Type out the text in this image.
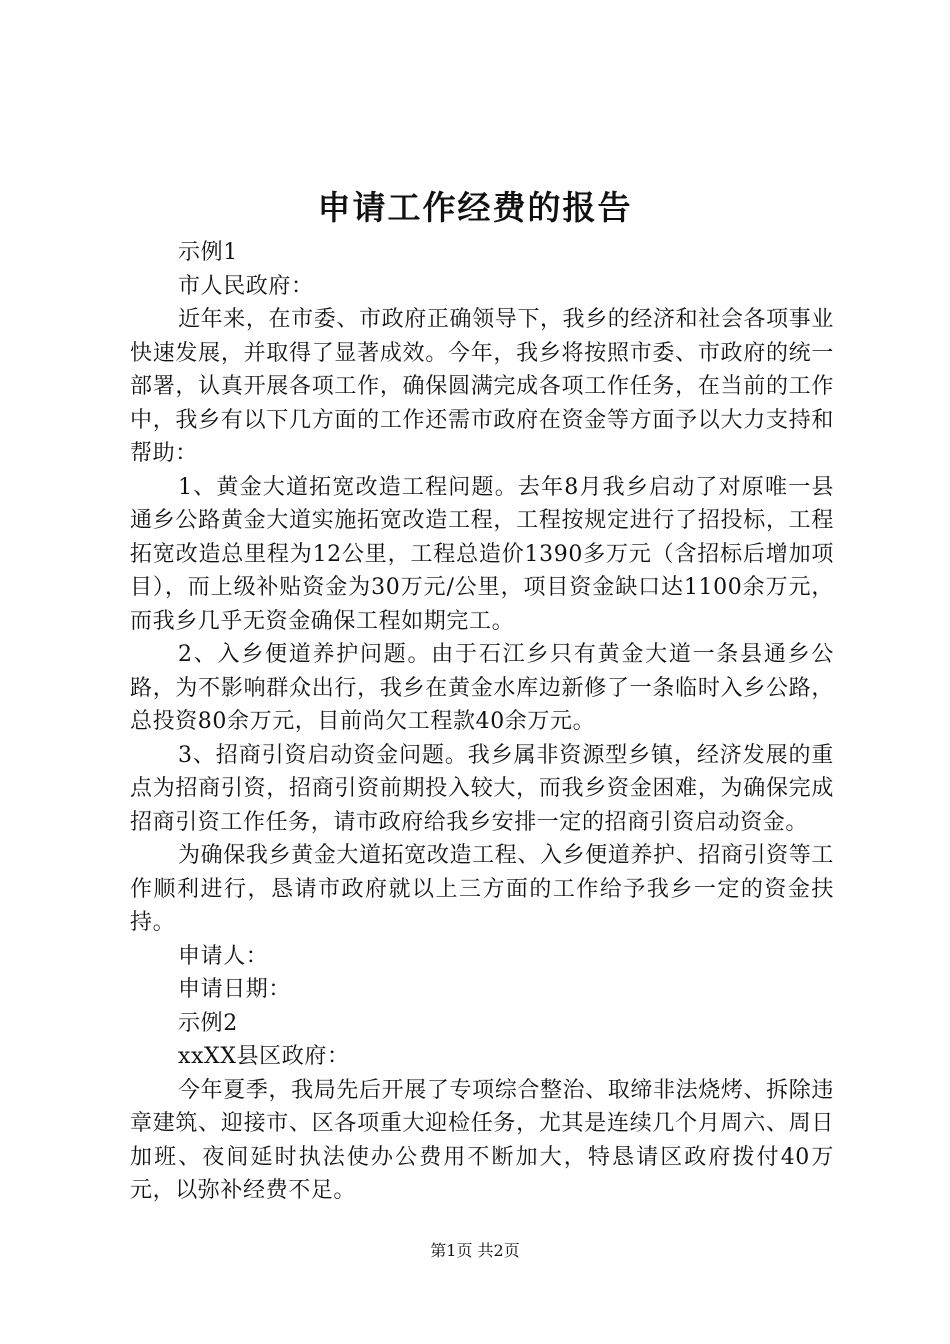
申请工作经费的报告

示例1

市人民政府：

近年来，在市委、市政府正确领导下，我乡的经济和社会各项事业快速发展，并取得了显著成效。今年，我乡将按照市委、市政府的统一部署，认真开展各项工作，确保圆满完成各项工作任务，在当前的工作中，我乡有以下几方面的工作还需市政府在资金等方面予以大力支持和帮助：

1、黄金大道拓宽改造工程问题。去年8月我乡启动了对原唯一县通乡公路黄金大道实施拓宽改造工程，工程按规定进行了招投标，工程拓宽改造总里程为12公里，工程总造价1390多万元（含招标后增加项目），而上级补贴资金为30万元/公里，项目资金缺口达1100余万元，而我乡几乎无资金确保工程如期完工。

2、入乡便道养护问题。由于石江乡只有黄金大道一条县通乡公路，为不影响群众出行，我乡在黄金水库边新修了一条临时入乡公路，总投资80余万元，目前尚欠工程款40余万元。

3、招商引资启动资金问题。我乡属非资源型乡镇，经济发展的重点为招商引资，招商引资前期投入较大，而我乡资金困难，为确保完成招商引资工作任务，请市政府给我乡安排一定的招商引资启动资金。

为确保我乡黄金大道拓宽改造工程、入乡便道养护、招商引资等工作顺利进行，恳请市政府就以上三方面的工作给予我乡一定的资金扶持。

申请人：

申请日期：

示例2

xxXX县区政府：

今年夏季，我局先后开展了专项综合整治、取缔非法烧烤、拆除违章建筑、迎接市、区各项重大迎检任务，尤其是连续几个月周六、周日加班、夜间延时执法使办公费用不断加大，特恳请区政府拨付40万元，以弥补经费不足。

第1页 共2页
